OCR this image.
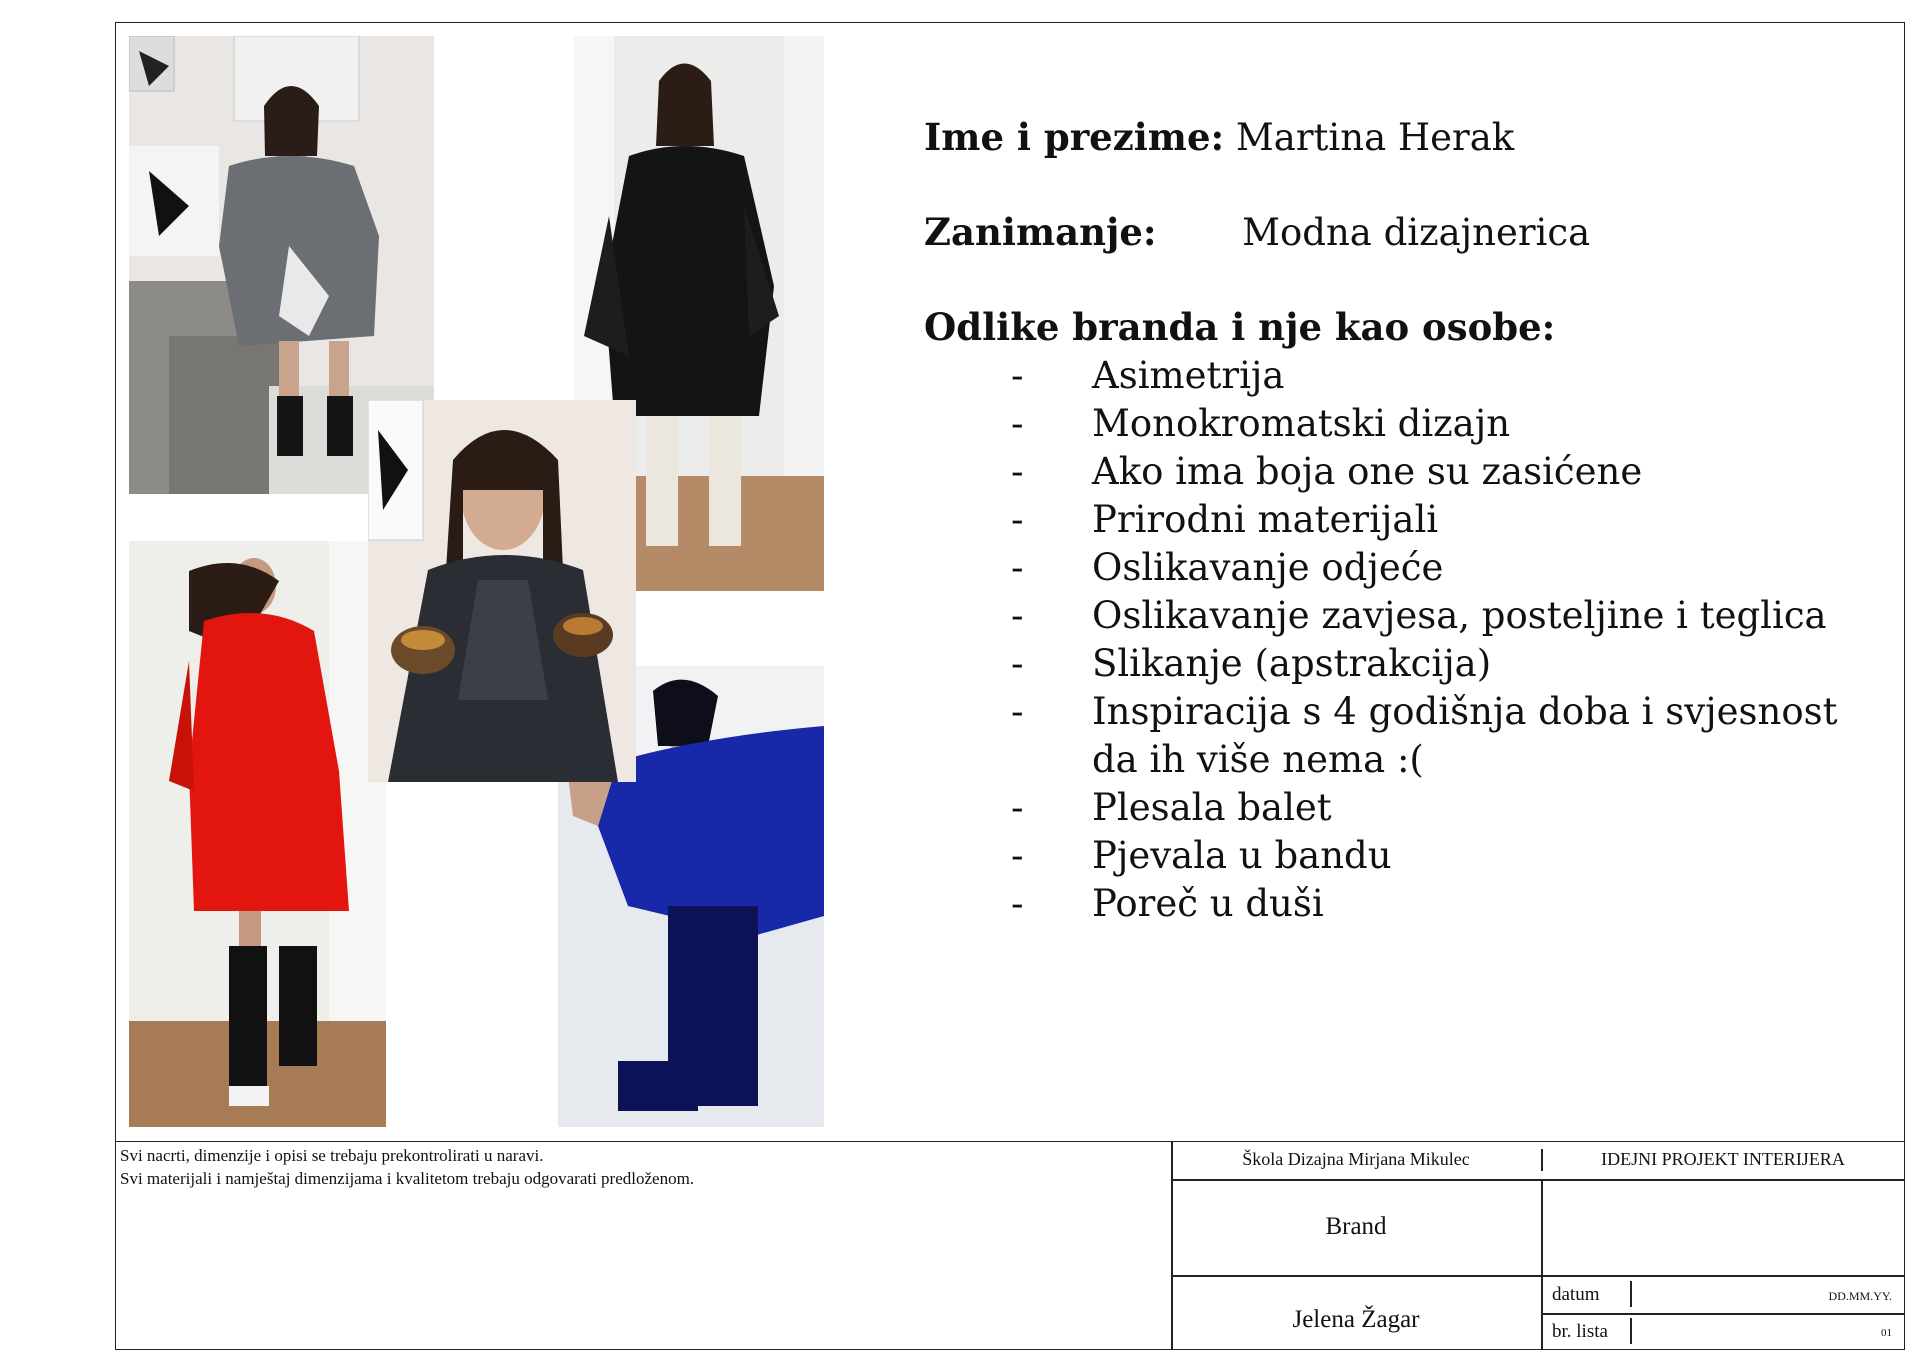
Ime i prezime: Martina Herak
Zanimanje: Modna dizajnerica
Odlike branda i nje kao osobe:
-	Asimetrija
-	Monokromatski dizajn
-	Ako ima boja one su zasićene
-	Prirodni materijali
-	Oslikavanje odjeće
-	Oslikavanje zavjesa, posteljine i teglica
-	Slikanje (apstrakcija)
-	Inspiracija s 4 godišnja doba i svjesnost da ih više nema :(
-	Plesala balet
-	Pjevala u bandu
-	Poreč u duši
Svi nacrti, dimenzije i opisi se trebaju prekontrolirati u naravi.
Svi materijali i namještaj dimenzijama i kvalitetom trebaju odgovarati predloženom.
Škola Dizajna Mirjana Mikulec	IDEJNI PROJEKT INTERIJERA
Brand
Jelena Žagar
datum	DD.MM.YY.
br. lista	01
